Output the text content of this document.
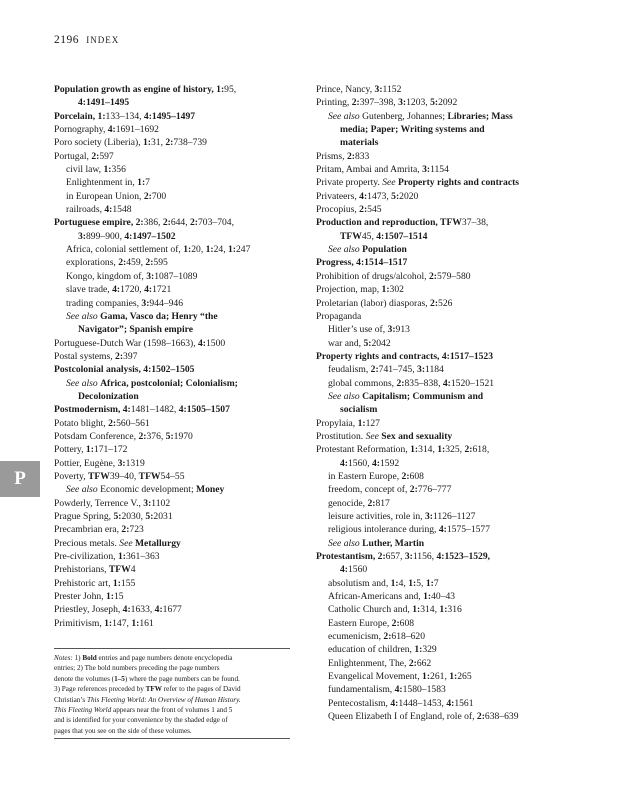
2196 INDEX
Population growth as engine of history, 1:95,
4:1491–1495
Porcelain, 1:133–134, 4:1495–1497
Pornography, 4:1691–1692
Poro society (Liberia), 1:31, 2:738–739
Portugal, 2:597
civil law, 1:356
Enlightenment in, 1:7
in European Union, 2:700
railroads, 4:1548
Portuguese empire, 2:386, 2:644, 2:703–704,
3:899–900, 4:1497–1502
Africa, colonial settlement of, 1:20, 1:24, 1:247
explorations, 2:459, 2:595
Kongo, kingdom of, 3:1087–1089
slave trade, 4:1720, 4:1721
trading companies, 3:944–946
See also Gama, Vasco da; Henry “the
Navigator”; Spanish empire
Portuguese-Dutch War (1598–1663), 4:1500
Postal systems, 2:397
Postcolonial analysis, 4:1502–1505
See also Africa, postcolonial; Colonialism;
Decolonization
Postmodernism, 4:1481–1482, 4:1505–1507
Potato blight, 2:560–561
Potsdam Conference, 2:376, 5:1970
Pottery, 1:171–172
Pottier, Eugène, 3:1319
Poverty, TFW39–40, TFW54–55
See also Economic development; Money
Powderly, Terrence V., 3:1102
Prague Spring, 5:2030, 5:2031
Precambrian era, 2:723
Precious metals. See Metallurgy
Pre-civilization, 1:361–363
Prehistorians, TFW4
Prehistoric art, 1:155
Prester John, 1:15
Priestley, Joseph, 4:1633, 4:1677
Primitivism, 1:147, 1:161
Prince, Nancy, 3:1152
Printing, 2:397–398, 3:1203, 5:2092
See also Gutenberg, Johannes; Libraries; Mass
media; Paper; Writing systems and
materials
Prisms, 2:833
Pritam, Ambai and Amrita, 3:1154
Private property. See Property rights and contracts
Privateers, 4:1473, 5:2020
Procopius, 2:545
Production and reproduction, TFW37–38,
TFW45, 4:1507–1514
See also Population
Progress, 4:1514–1517
Prohibition of drugs/alcohol, 2:579–580
Projection, map, 1:302
Proletarian (labor) diasporas, 2:526
Propaganda
Hitler’s use of, 3:913
war and, 5:2042
Property rights and contracts, 4:1517–1523
feudalism, 2:741–745, 3:1184
global commons, 2:835–838, 4:1520–1521
See also Capitalism; Communism and
socialism
Propylaia, 1:127
Prostitution. See Sex and sexuality
Protestant Reformation, 1:314, 1:325, 2:618,
4:1560, 4:1592
in Eastern Europe, 2:608
freedom, concept of, 2:776–777
genocide, 2:817
leisure activities, role in, 3:1126–1127
religious intolerance during, 4:1575–1577
See also Luther, Martin
Protestantism, 2:657, 3:1156, 4:1523–1529,
4:1560
absolutism and, 1:4, 1:5, 1:7
African-Americans and, 1:40–43
Catholic Church and, 1:314, 1:316
Eastern Europe, 2:608
ecumenicism, 2:618–620
education of children, 1:329
Enlightenment, The, 2:662
Evangelical Movement, 1:261, 1:265
fundamentalism, 4:1580–1583
Pentecostalism, 4:1448–1453, 4:1561
Queen Elizabeth I of England, role of, 2:638–639
P
Notes: 1) Bold entries and page numbers denote encyclopedia
entries; 2) The bold numbers preceding the page numbers
denote the volumes (1–5) where the page numbers can be found.
3) Page references preceded by TFW refer to the pages of David
Christian’s This Fleeting World: An Overview of Human History.
This Fleeting World appears near the front of volumes 1 and 5
and is identified for your convenience by the shaded edge of
pages that you see on the side of these volumes.
